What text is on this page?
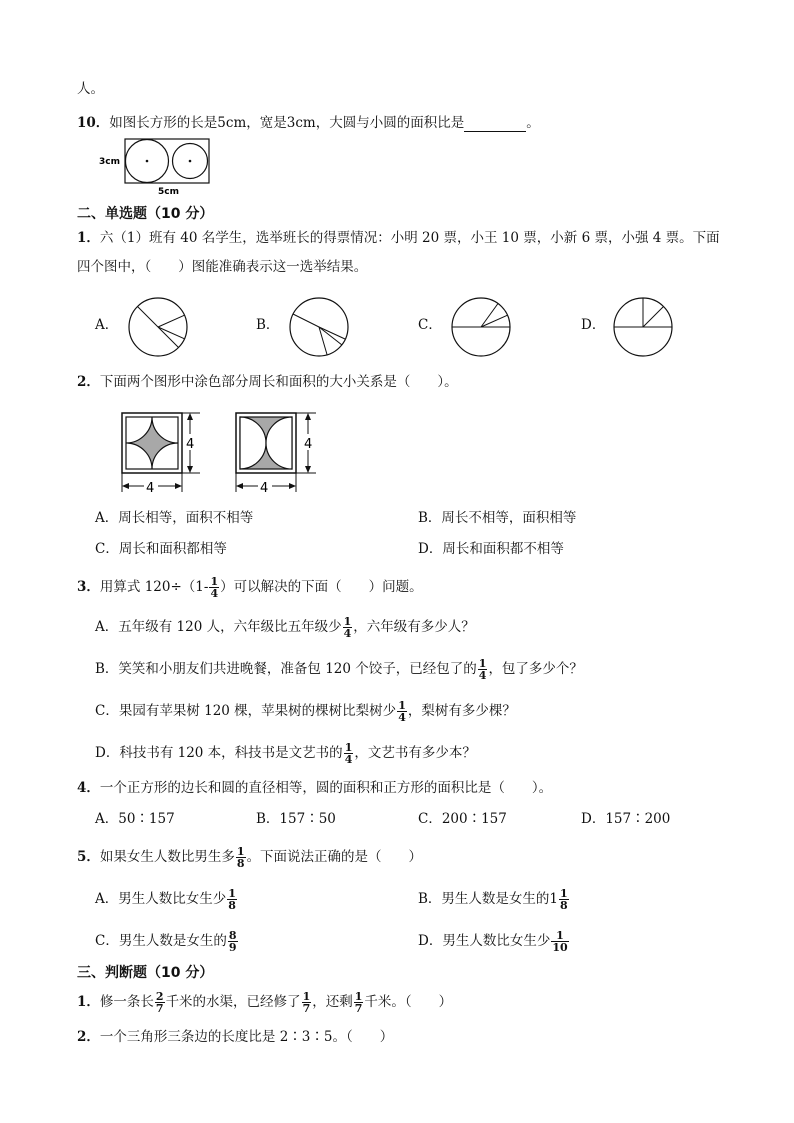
人。
10．如图长方形的长是5cm，宽是3cm，大圆与小圆的面积比是	。
3cm
5cm
二、单选题（10 分）
1．六（1）班有 40 名学生，选举班长的得票情况：小明 20 票，小王 10 票，小新 6 票，小强 4 票。下面
四个图中，（　　）图能准确表示这一选举结果。
A．	B．	C．	D．
2．下面两个图形中涂色部分周长和面积的大小关系是（　　）。
4
4
4
4
A．周长相等，面积不相等	B．周长不相等，面积相等
C．周长和面积都相等	D．周长和面积都不相等
3．用算式 $120\div(1- \frac{1}{4}$ ）可以解决的下面（　　）问题。
A．五年级有 120 人，六年级比五年级少 $\frac{1}{4}$ ，六年级有多少人？
B．笑笑和小朋友们共进晚餐，准备包 120 个饺子，已经包了的 $\frac{1}{4}$ ，包了多少个？
C．果园有苹果树 120 棵，苹果树的棵树比梨树少 $\frac{1}{4}$ ，梨树有多少棵？
D．科技书有 120 本，科技书是文艺书的 $\frac{1}{4}$ ，文艺书有多少本？
4．一个正方形的边长和圆的直径相等，圆的面积和正方形的面积比是（　　）。
A．50∶157	B．157∶50	C．200∶157	D．157∶200
5．如果女生人数比男生多 $\frac{1}{8}$ 。下面说法正确的是（　　）
A．男生人数比女生少 $\frac{1}{8}$	B．男生人数是女生的$1 \frac{1}{8}$
C．男生人数是女生的 $\frac{8}{9}$	D．男生人数比女生少 $\frac{1}{10}$
三、判断题（10 分）
1．修一条长 $\frac{2}{7}$ 千米的水渠，已经修了 $\frac{1}{7}$ ，还剩 $\frac{1}{7}$ 千米。（　　）
2．一个三角形三条边的长度比是 2∶3∶5。（　　）
